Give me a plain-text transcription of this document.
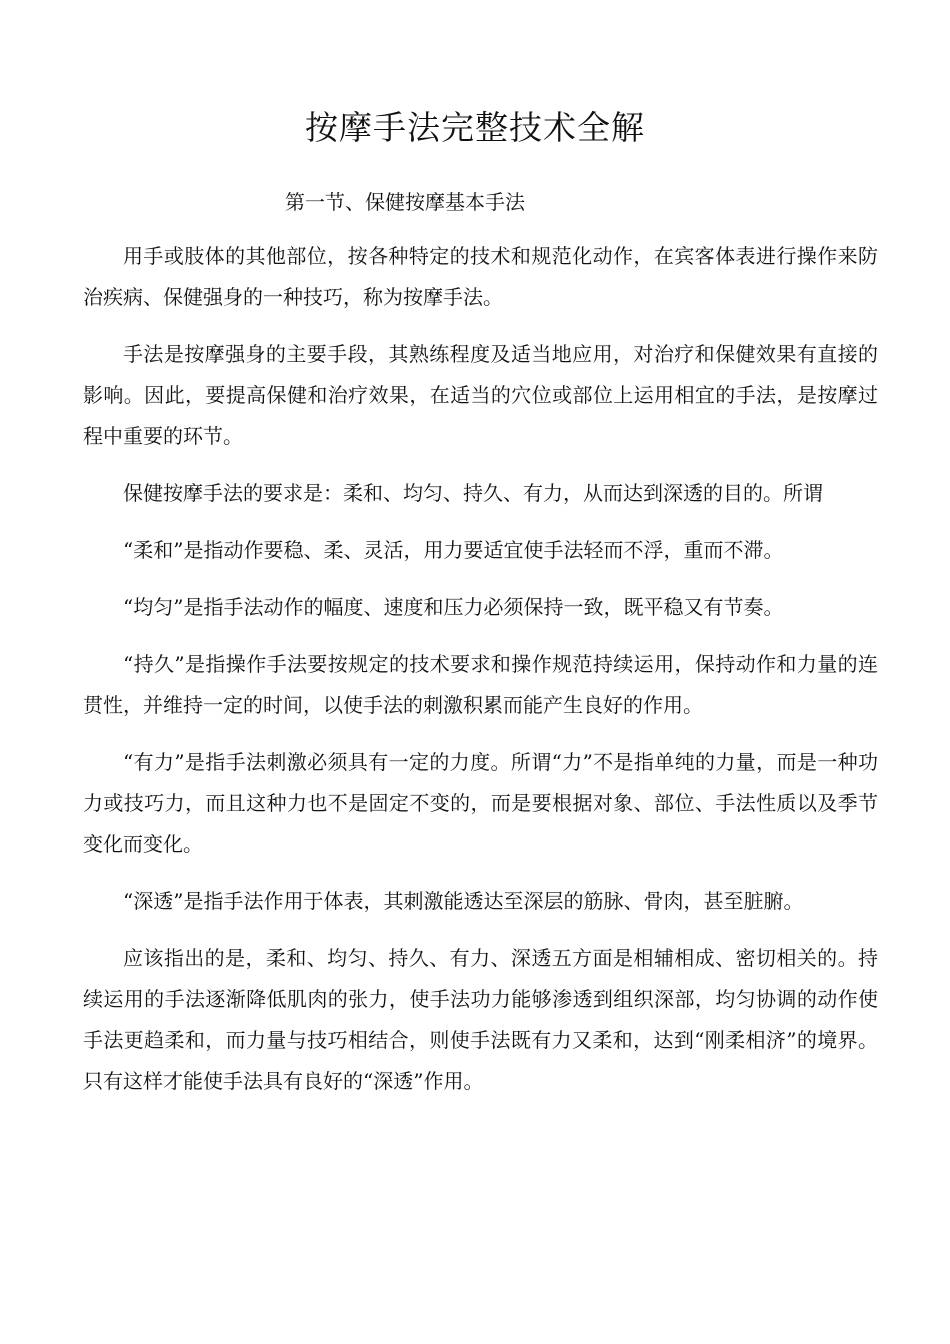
按摩手法完整技术全解
第一节、保健按摩基本手法

用手或肢体的其他部位，按各种特定的技术和规范化动作，在宾客体表进行操作来防治疾病、保健强身的一种技巧，称为按摩手法。

手法是按摩强身的主要手段，其熟练程度及适当地应用，对治疗和保健效果有直接的影响。因此，要提高保健和治疗效果，在适当的穴位或部位上运用相宜的手法，是按摩过程中重要的环节。

保健按摩手法的要求是：柔和、均匀、持久、有力，从而达到深透的目的。所谓

“柔和”是指动作要稳、柔、灵活，用力要适宜使手法轻而不浮，重而不滞。

“均匀”是指手法动作的幅度、速度和压力必须保持一致，既平稳又有节奏。

“持久”是指操作手法要按规定的技术要求和操作规范持续运用，保持动作和力量的连贯性，并维持一定的时间，以使手法的刺激积累而能产生良好的作用。

“有力”是指手法刺激必须具有一定的力度。所谓“力”不是指单纯的力量，而是一种功力或技巧力，而且这种力也不是固定不变的，而是要根据对象、部位、手法性质以及季节变化而变化。

“深透”是指手法作用于体表，其刺激能透达至深层的筋脉、骨肉，甚至脏腑。

应该指出的是，柔和、均匀、持久、有力、深透五方面是相辅相成、密切相关的。持续运用的手法逐渐降低肌肉的张力，使手法功力能够渗透到组织深部，均匀协调的动作使手法更趋柔和，而力量与技巧相结合，则使手法既有力又柔和，达到“刚柔相济”的境界。只有这样才能使手法具有良好的“深透”作用。
